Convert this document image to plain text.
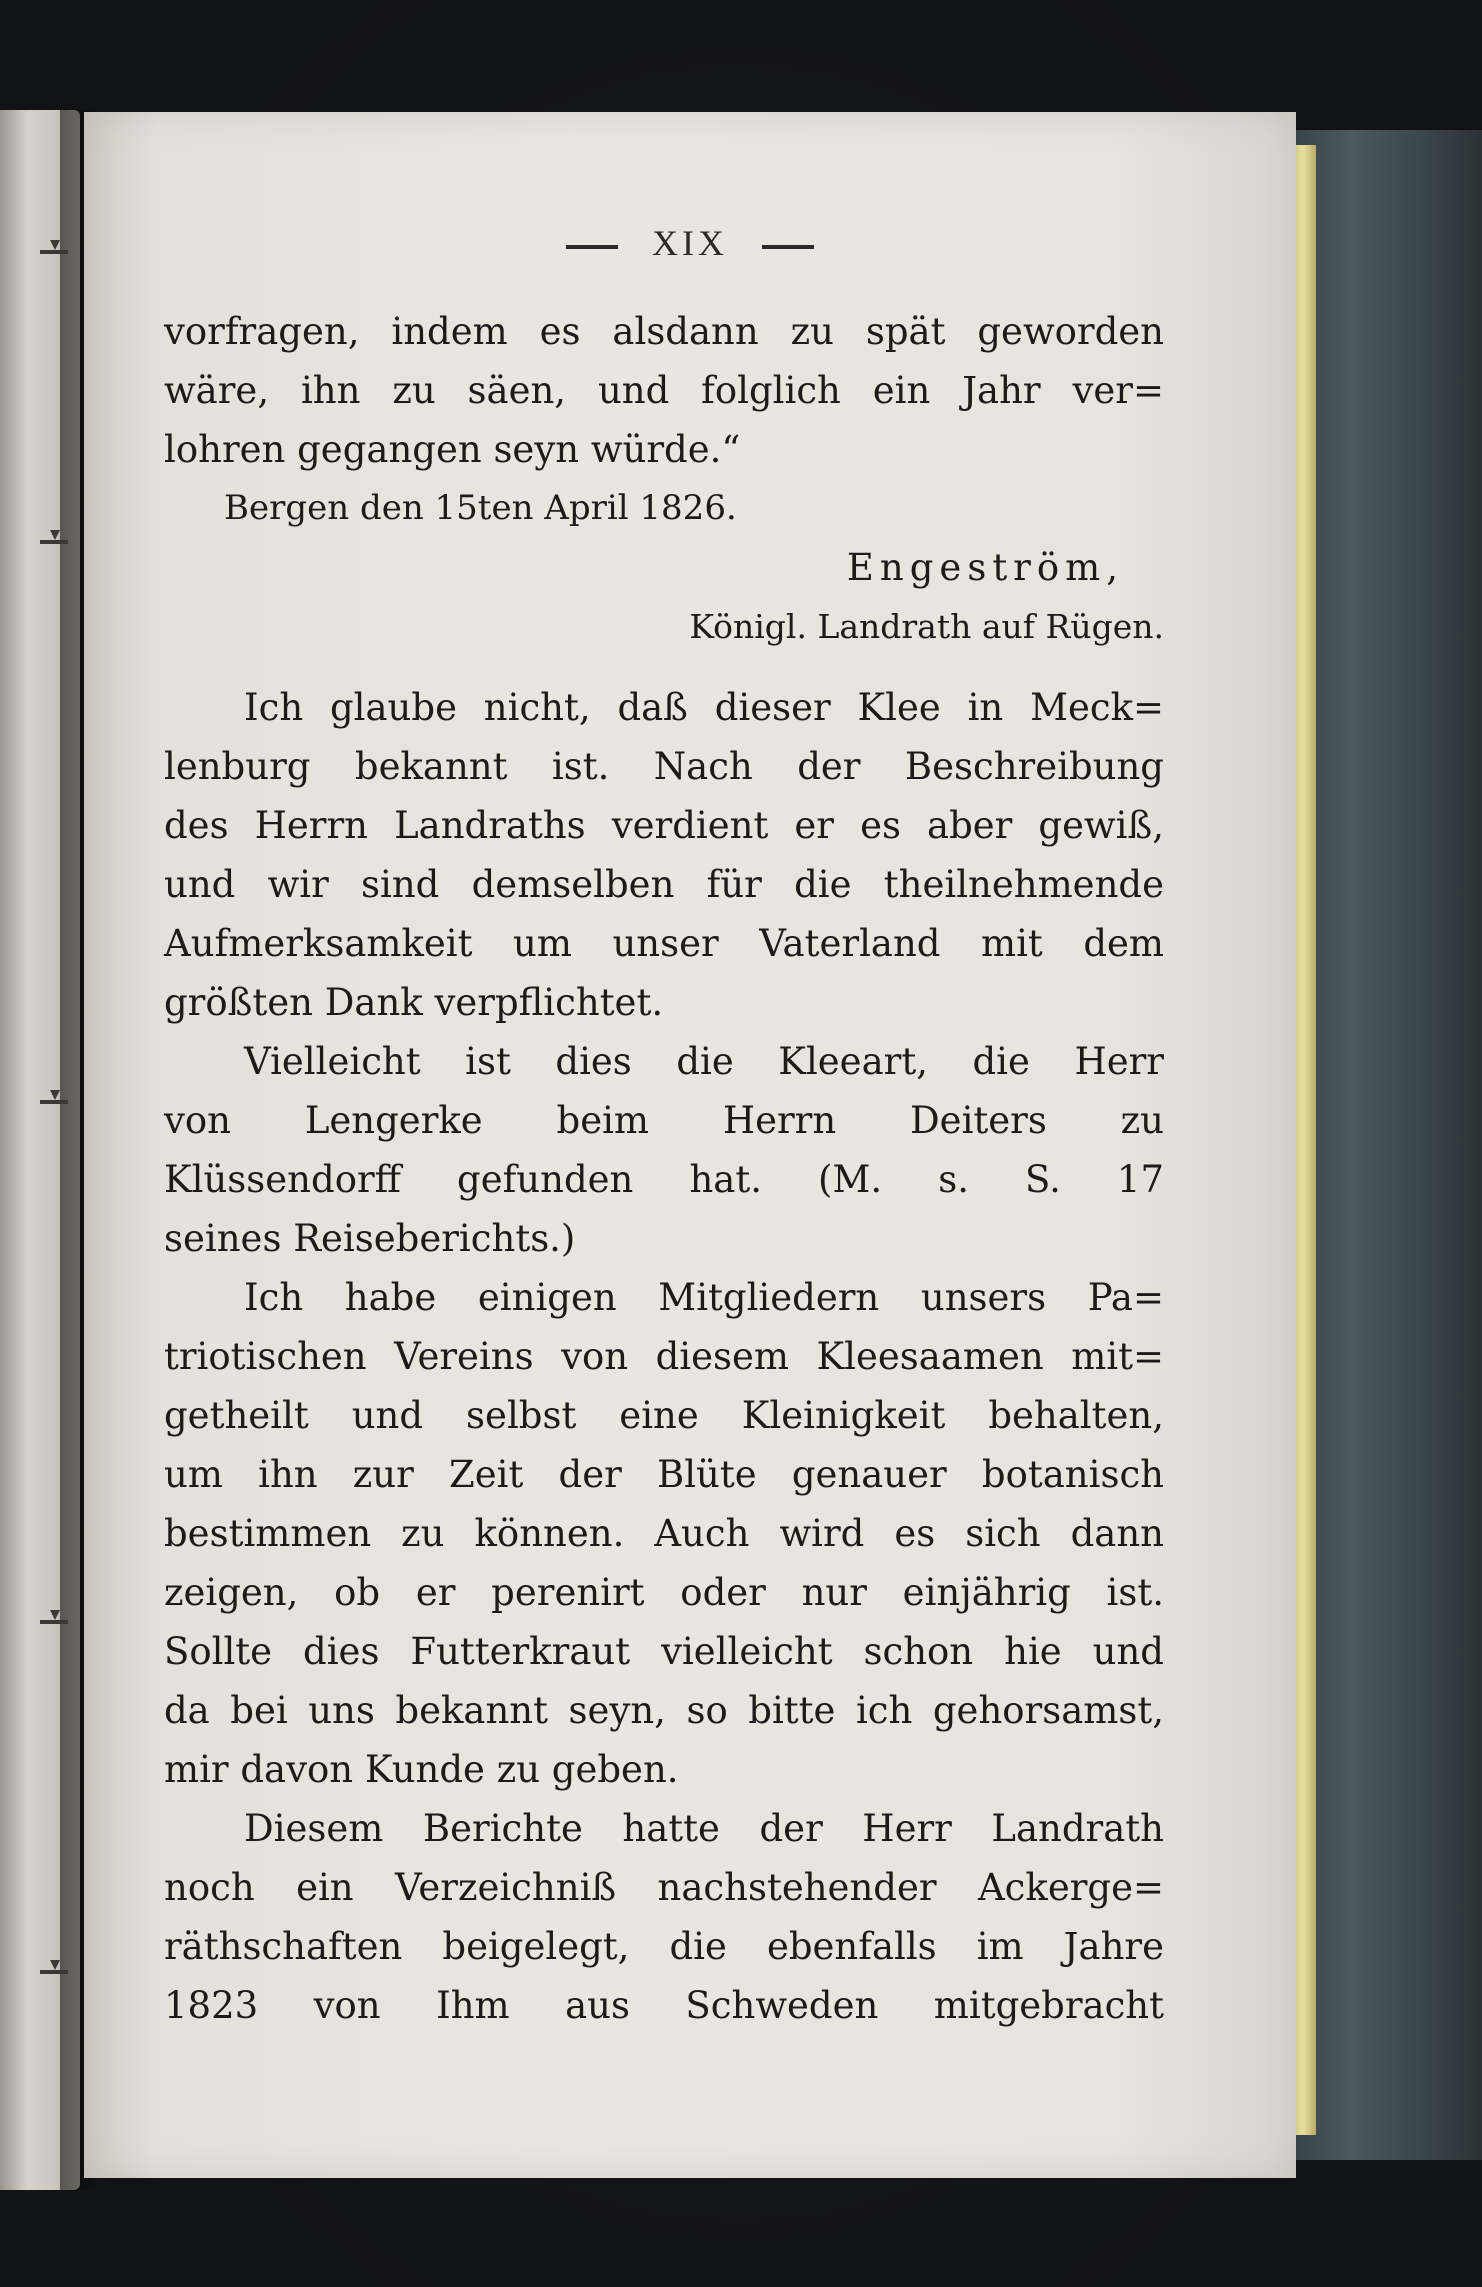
XIX
vorfragen, indem es alsdann zu spät geworden
wäre, ihn zu säen, und folglich ein Jahr ver=
lohren gegangen seyn würde.“
Bergen den 15ten April 1826.
Engeström,
Königl. Landrath auf Rügen.
Ich glaube nicht, daß dieser Klee in Meck=
lenburg bekannt ist. Nach der Beschreibung
des Herrn Landraths verdient er es aber gewiß,
und wir sind demselben für die theilnehmende
Aufmerksamkeit um unser Vaterland mit dem
größten Dank verpflichtet.
Vielleicht ist dies die Kleeart, die Herr
von Lengerke beim Herrn Deiters zu
Klüssendorff gefunden hat. (M. s. S. 17
seines Reiseberichts.)
Ich habe einigen Mitgliedern unsers Pa=
triotischen Vereins von diesem Kleesaamen mit=
getheilt und selbst eine Kleinigkeit behalten,
um ihn zur Zeit der Blüte genauer botanisch
bestimmen zu können. Auch wird es sich dann
zeigen, ob er perenirt oder nur einjährig ist.
Sollte dies Futterkraut vielleicht schon hie und
da bei uns bekannt seyn, so bitte ich gehorsamst,
mir davon Kunde zu geben.
Diesem Berichte hatte der Herr Landrath
noch ein Verzeichniß nachstehender Ackerge=
räthschaften beigelegt, die ebenfalls im Jahre
1823 von Ihm aus Schweden mitgebracht
